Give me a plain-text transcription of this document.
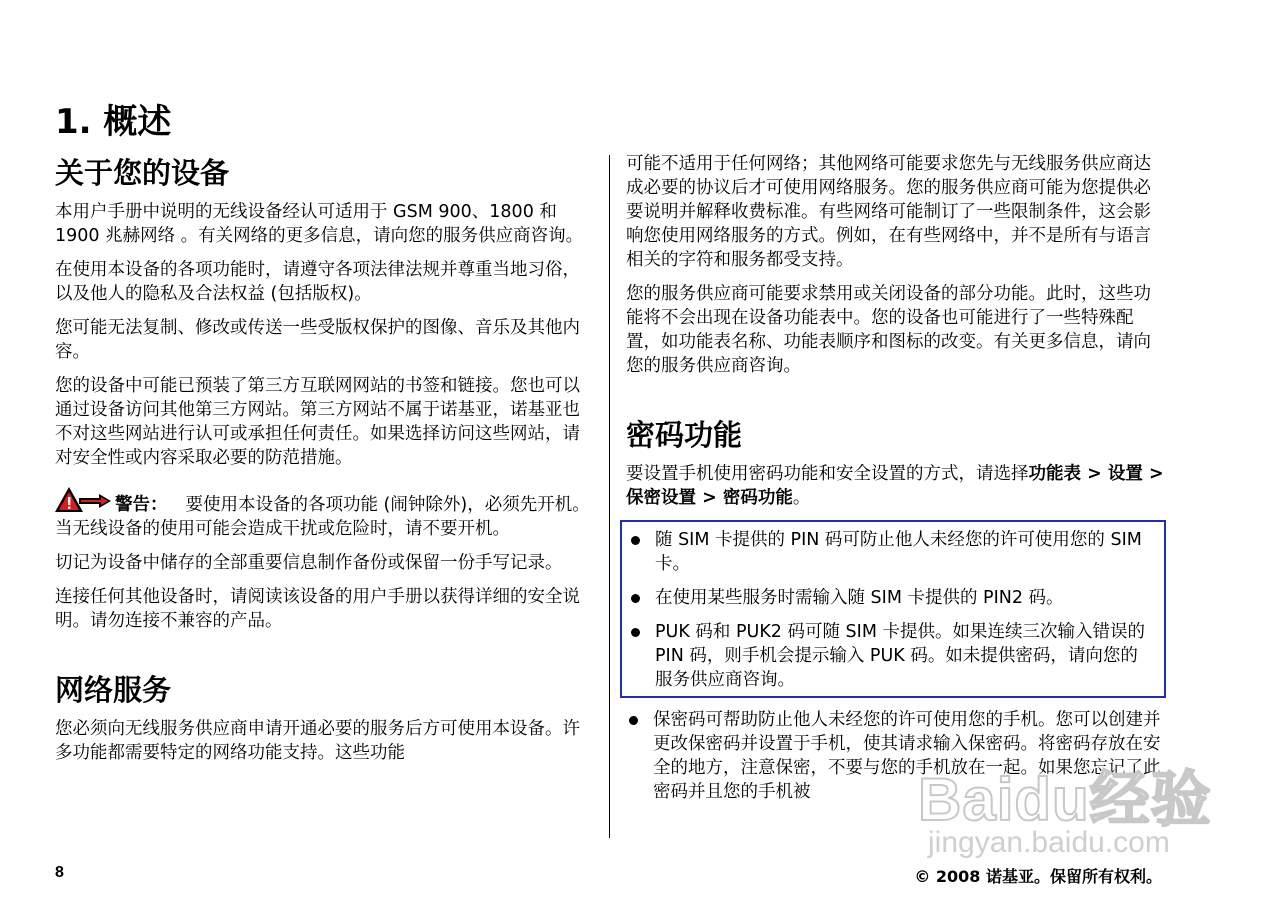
1. 概述
关于您的设备

本用户手册中说明的无线设备经认可适用于 GSM 900、1800 和 1900 兆赫网络 。有关网络的更多信息，请向您的服务供应商咨询。

在使用本设备的各项功能时，请遵守各项法律法规并尊重当地习俗，以及他人的隐私及合法权益 (包括版权)。

您可能无法复制、修改或传送一些受版权保护的图像、音乐及其他内容。

您的设备中可能已预装了第三方互联网网站的书签和链接。您也可以通过设备访问其他第三方网站。第三方网站不属于诺基亚，诺基亚也不对这些网站进行认可或承担任何责任。如果选择访问这些网站，请对安全性或内容采取必要的防范措施。

警告： 要使用本设备的各项功能 (闹钟除外)，必须先开机。当无线设备的使用可能会造成干扰或危险时，请不要开机。

切记为设备中储存的全部重要信息制作备份或保留一份手写记录。

连接任何其他设备时，请阅读该设备的用户手册以获得详细的安全说明。请勿连接不兼容的产品。

网络服务

您必须向无线服务供应商申请开通必要的服务后方可使用本设备。许多功能都需要特定的网络功能支持。这些功能

可能不适用于任何网络；其他网络可能要求您先与无线服务供应商达成必要的协议后才可使用网络服务。您的服务供应商可能为您提供必要说明并解释收费标准。有些网络可能制订了一些限制条件，这会影响您使用网络服务的方式。例如，在有些网络中，并不是所有与语言相关的字符和服务都受支持。

您的服务供应商可能要求禁用或关闭设备的部分功能。此时，这些功能将不会出现在设备功能表中。您的设备也可能进行了一些特殊配置，如功能表名称、功能表顺序和图标的改变。有关更多信息，请向您的服务供应商咨询。

密码功能

要设置手机使用密码功能和安全设置的方式，请选择功能表 > 设置 > 保密设置 > 密码功能。

随 SIM 卡提供的 PIN 码可防止他人未经您的许可使用您的 SIM 卡。
在使用某些服务时需输入随 SIM 卡提供的 PIN2 码。
PUK 码和 PUK2 码可随 SIM 卡提供。如果连续三次输入错误的 PIN 码，则手机会提示输入 PUK 码。如未提供密码，请向您的服务供应商咨询。
保密码可帮助防止他人未经您的许可使用您的手机。您可以创建并更改保密码并设置于手机，使其请求输入保密码。将密码存放在安全的地方，注意保密，不要与您的手机放在一起。如果您忘记了此密码并且您的手机被	Baidu经验
jingyan.baidu.com
8	© 2008 诺基亚。保留所有权利。
